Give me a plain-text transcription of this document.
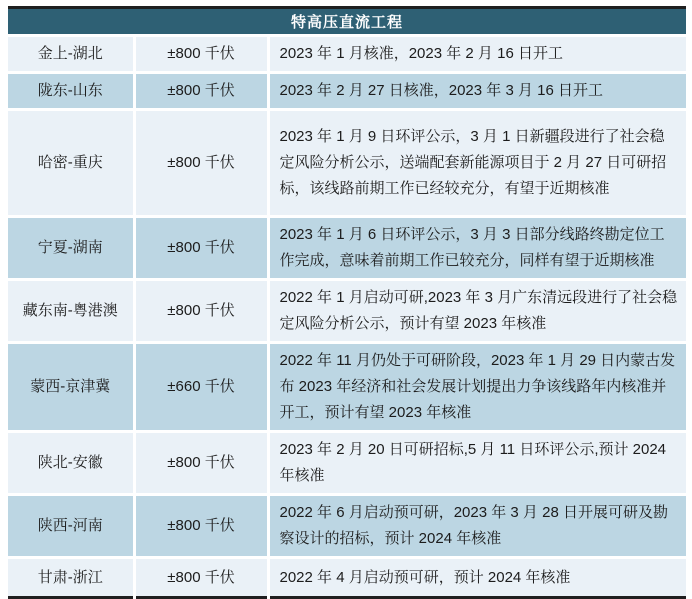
特高压直流工程		
金上-湖北	±800 千伏	2023 年 1 月核准，2023 年 2 月 16 日开工
陇东-山东	±800 千伏	2023 年 2 月 27 日核准，2023 年 3 月 16 日开工
哈密-重庆	±800 千伏	2023 年 1 月 9 日环评公示，3 月 1 日新疆段进行了社会稳定风险分析公示，送端配套新能源项目于 2 月 27 日可研招标，该线路前期工作已经较充分，有望于近期核准
宁夏-湖南	±800 千伏	2023 年 1 月 6 日环评公示，3 月 3 日部分线路终勘定位工作完成，意味着前期工作已较充分，同样有望于近期核准
藏东南-粤港澳	±800 千伏	2022 年 1 月启动可研,2023 年 3 月广东清远段进行了社会稳定风险分析公示，预计有望 2023 年核准
蒙西-京津冀	±660 千伏	2022 年 11 月仍处于可研阶段，2023 年 1 月 29 日内蒙古发布 2023 年经济和社会发展计划提出力争该线路年内核准并开工，预计有望 2023 年核准
陕北-安徽	±800 千伏	2023 年 2 月 20 日可研招标,5 月 11 日环评公示,预计 2024 年核准
陕西-河南	±800 千伏	2022 年 6 月启动预可研，2023 年 3 月 28 日开展可研及勘察设计的招标，预计 2024 年核准
甘肃-浙江	±800 千伏	2022 年 4 月启动预可研，预计 2024 年核准
